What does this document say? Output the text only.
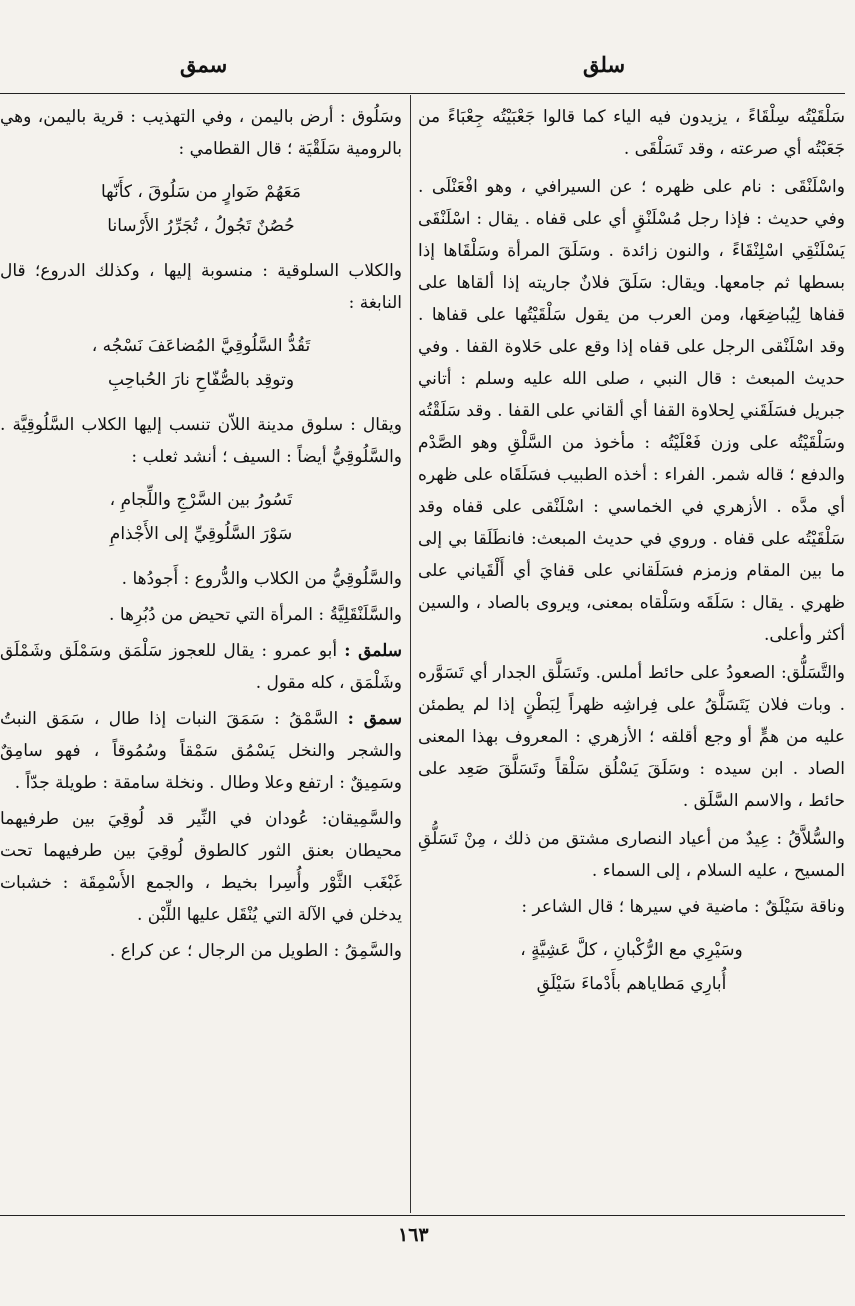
سلق
سمق

سَلْقَيْتُه سِلْقَاءً ، يزيدون فيه الياء كما قالوا جَعْبَيْتُه جِعْبَاءً من جَعَبْتُه أي صرعته ، وقد تَسَلْقَى .

واسْلَنْقَى : نام على ظهره ؛ عن السيرافي ، وهو افْعَنْلَى . وفي حديث : فإذا رجل مُسْلَنْقٍ أي على قفاه . يقال : اسْلَنْقَى يَسْلَنْقِي اسْلِنْقَاءً ، والنون زائدة . وسَلَقَ المرأة وسَلْقَاها إذا بسطها ثم جامعها. ويقال: سَلَقَ فلانٌ جاريته إذا ألقاها على قفاها لِيُباضِعَها، ومن العرب من يقول سَلْقَيْتُها على قفاها . وقد اسْلَنْقى الرجل على قفاه إذا وقع على حَلاوة القفا . وفي حديث المبعث : قال النبي ، صلى الله عليه وسلم : أتاني جبريل فسَلَقَني لِحلاوة القفا أي ألقاني على القفا . وقد سَلَقْتُه وسَلْقَيْتُه على وزن فَعْلَيْتُه : مأخوذ من السَّلْقِ وهو الصَّدْم والدفع ؛ قاله شمر. الفراء : أخذه الطبيب فسَلَقَاه على ظهره أي مدَّه . الأزهري في الخماسي : اسْلَنْقى على قفاه وقد سَلْقَيْتُه على قفاه . وروي في حديث المبعث: فانطَلَقا بي إلى ما بين المقام وزمزم فسَلَقاني على قفايَ أي أَلْقَياني على ظهري . يقال : سَلَقَه وسَلْقاه بمعنى، ويروى بالصاد ، والسين أكثر وأعلى.

والتَّسَلُّق: الصعودُ على حائط أملس. وتَسَلَّق الجدار أي تَسَوَّره . وبات فلان يَتَسَلَّقُ على فِراشِه ظهراً لِبَطْنٍ إذا لم يطمئن عليه من همٍّ أو وجع أقلقه ؛ الأزهري : المعروف بهذا المعنى الصاد . ابن سيده : وسَلَقَ يَسْلُق سَلْقاً وتَسَلَّقَ صَعِد على حائط ، والاسم السَّلَق .

والسُّلاَّقُ : عِيدٌ من أعياد النصارى مشتق من ذلك ، مِنْ تَسَلُّقِ المسيح ، عليه السلام ، إلى السماء .

وناقة سَيْلَقٌ : ماضية في سيرها ؛ قال الشاعر :

وسَيْرِي مع الرُّكْبانِ ، كلَّ عَشِيَّةٍ ،
أُبارِي مَطاياهم بأَدْماءَ سَيْلَقِ

وسَلُوق : أرض باليمن ، وفي التهذيب : قرية باليمن، وهي بالرومية سَلَقْيَة ؛ قال القطامي :

مَعَهُمْ ضَوارٍ من سَلُوقَ ، كأَنّها
حُصُنٌ تَجُولُ ، تُجَرِّرُ الأَرْسانا

والكلاب السلوقية : منسوبة إليها ، وكذلك الدروع؛ قال النابغة :

تَقُدُّ السَّلُوقِيَّ المُضاعَفَ نَسْجُه ،
وتوقِد بالصُّفّاحِ نارَ الحُباحِبِ

ويقال : سلوق مدينة اللاّن تنسب إليها الكلاب السَّلُوقِيَّة . والسَّلُوقِيُّ أيضاً : السيف ؛ أنشد ثعلب :

تَسُورُ بين السَّرْجِ واللِّجامِ ،
سَوْرَ السَّلُوقِيِّ إلى الأَجْذامِ

والسَّلُوقِيُّ من الكلاب والدُّروع : أَجودُها .

والسَّلَنْقَلِيَّةُ : المرأة التي تحيض من دُبُرِها .

سلمق : أبو عمرو : يقال للعجوز سَلْمَق وسَمْلَق وشَمْلَق وشَلْمَق ، كله مقول .

سمق : السَّمْقُ : سَمَقَ النبات إذا طال ، سَمَق النبتُ والشجر والنخل يَسْمُق سَمْقاً وسُمُوقاً ، فهو سامِقٌ وسَمِيقٌ : ارتفع وعلا وطال . ونخلة سامقة : طويلة جدّاً .

والسَّمِيقان: عُودان في النِّير قد لُوقِيَ بين طرفيهما محيطان بعنق الثور كالطوق لُوقِيَ بين طرفيهما تحت غَبْغَب الثَّوْر وأُسِرا بخيط ، والجمع الأَسْمِقَة : خشبات يدخلن في الآلة التي يُنْقَل عليها اللِّبْن .

والسَّمِقُ : الطويل من الرجال ؛ عن كراع .

١٦٣
